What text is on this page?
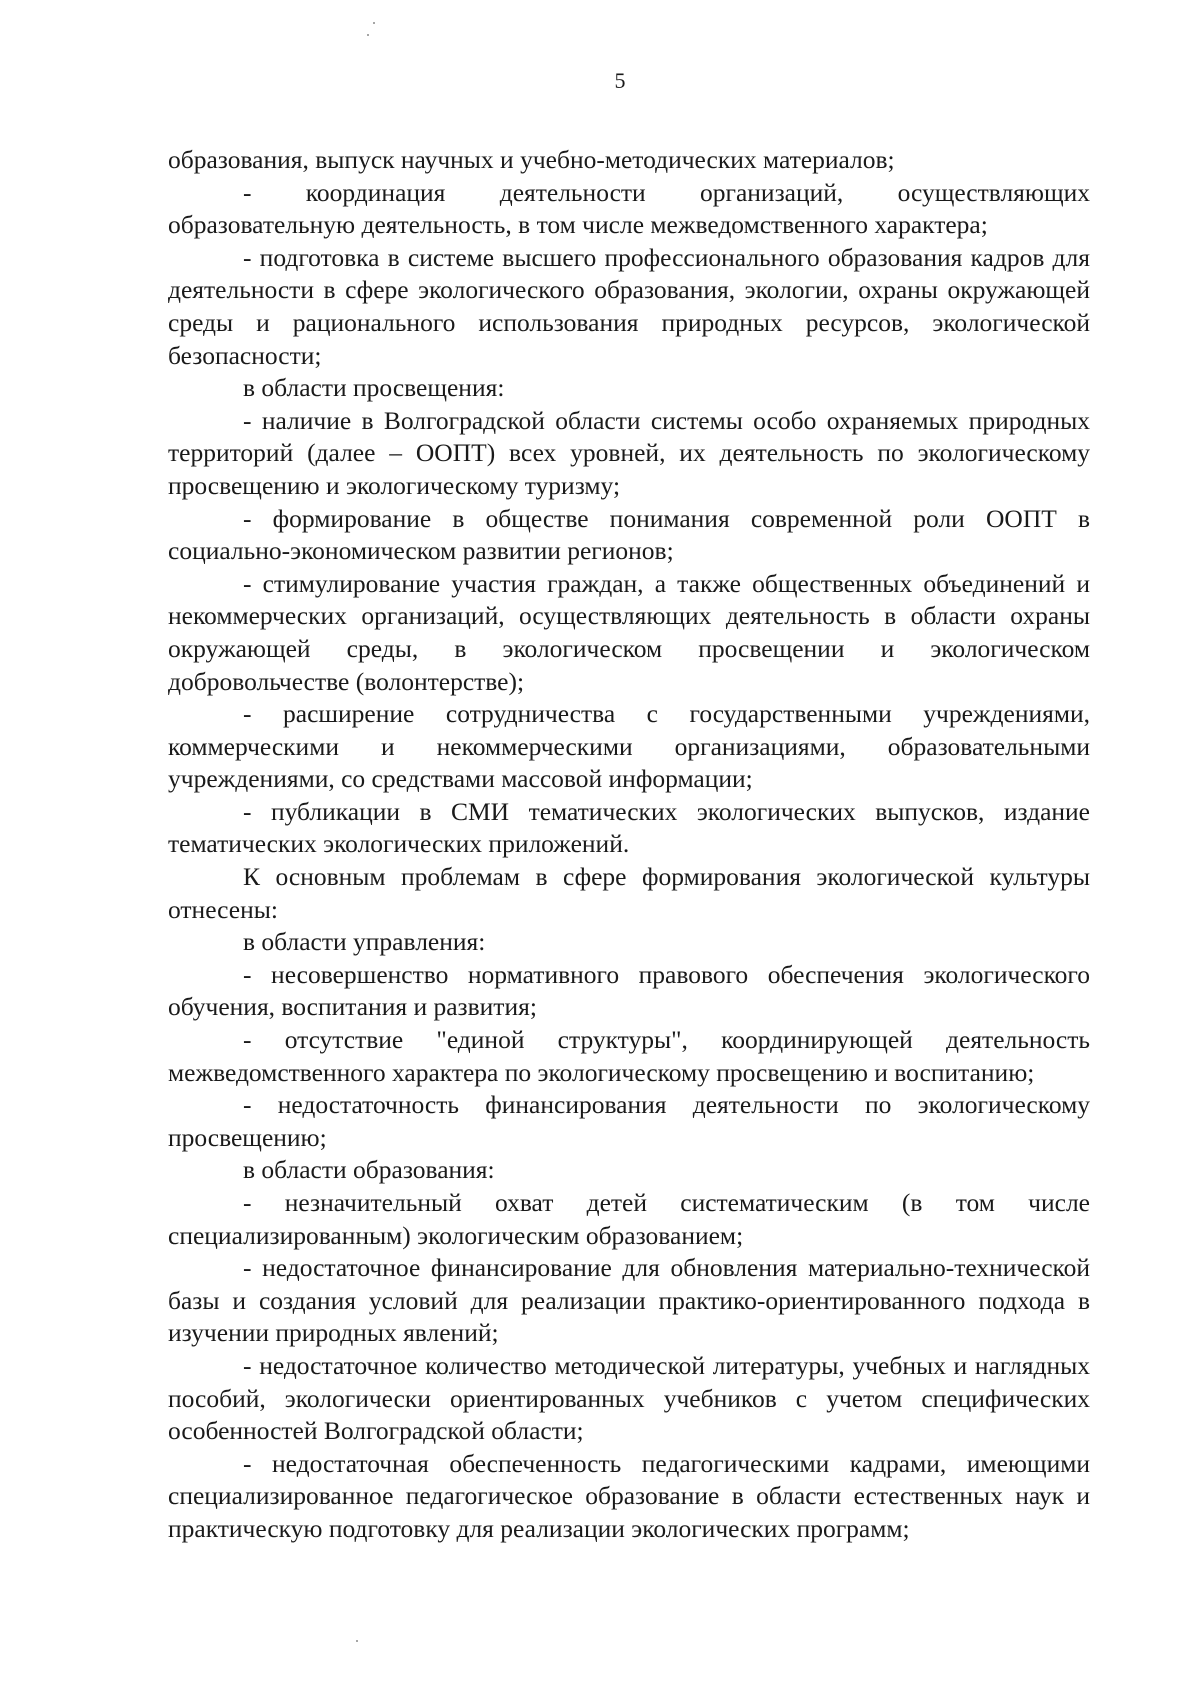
5

образования, выпуск научных и учебно-методических материалов;

- координация деятельности организаций, осуществляющих образовательную деятельность, в том числе межведомственного характера;

- подготовка в системе высшего профессионального образования кадров для деятельности в сфере экологического образования, экологии, охраны окружающей среды и рационального использования природных ресурсов, экологической безопасности;

в области просвещения:

- наличие в Волгоградской области системы особо охраняемых природных территорий (далее – ООПТ) всех уровней, их деятельность по экологическому просвещению и экологическому туризму;

- формирование в обществе понимания современной роли ООПТ в социально-экономическом развитии регионов;

- стимулирование участия граждан, а также общественных объединений и некоммерческих организаций, осуществляющих деятельность в области охраны окружающей среды, в экологическом просвещении и экологическом добровольчестве (волонтерстве);

- расширение сотрудничества с государственными учреждениями, коммерческими и некоммерческими организациями, образовательными учреждениями, со средствами массовой информации;

- публикации в СМИ тематических экологических выпусков, издание тематических экологических приложений.

К основным проблемам в сфере формирования экологической культуры отнесены:

в области управления:

- несовершенство нормативного правового обеспечения экологического обучения, воспитания и развития;

- отсутствие "единой структуры", координирующей деятельность межведомственного характера по экологическому просвещению и воспитанию;

- недостаточность финансирования деятельности по экологическому просвещению;

в области образования:

- незначительный охват детей систематическим (в том числе специализированным) экологическим образованием;

- недостаточное финансирование для обновления материально-технической базы и создания условий для реализации практико-ориентированного подхода в изучении природных явлений;

- недостаточное количество методической литературы, учебных и наглядных пособий, экологически ориентированных учебников с учетом специфических особенностей Волгоградской области;

- недостаточная обеспеченность педагогическими кадрами, имеющими специализированное педагогическое образование в области естественных наук и практическую подготовку для реализации экологических программ;
